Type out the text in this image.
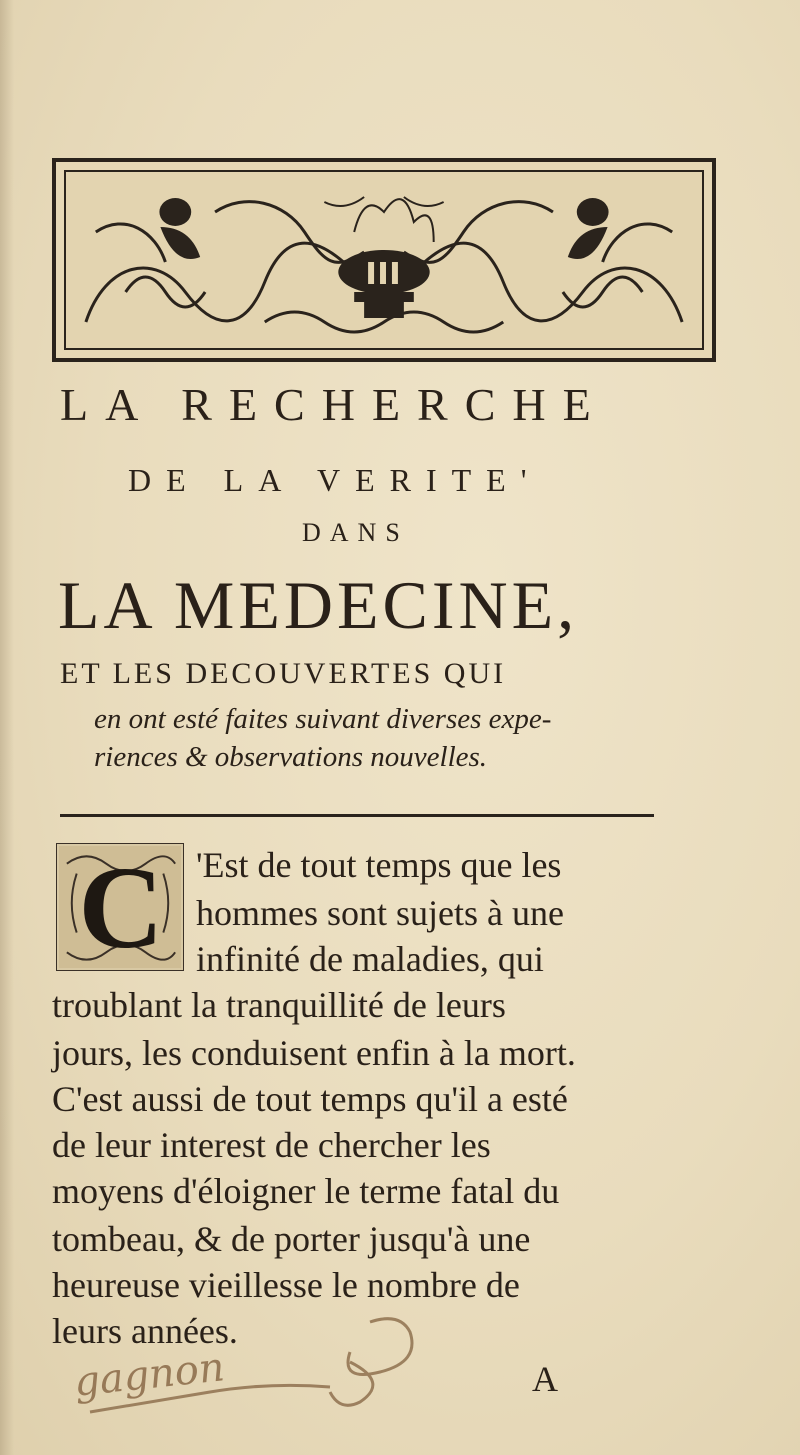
LA RECHERCHE
DE LA VERITE'
DANS
LA MEDECINE,
ET LES DECOUVERTES QUI
en ont esté faites suivant diverses expe-
riences & observations nouvelles.
C 'Est de tout temps que les
hommes sont sujets à une
infinité de maladies, qui
troublant la tranquillité de leurs
jours, les conduisent enfin à la mort.
C'est aussi de tout temps qu'il a esté
de leur interest de chercher les
moyens d'éloigner le terme fatal du
tombeau, & de porter jusqu'à une
heureuse vieillesse le nombre de
leurs années.
gagnon	A
